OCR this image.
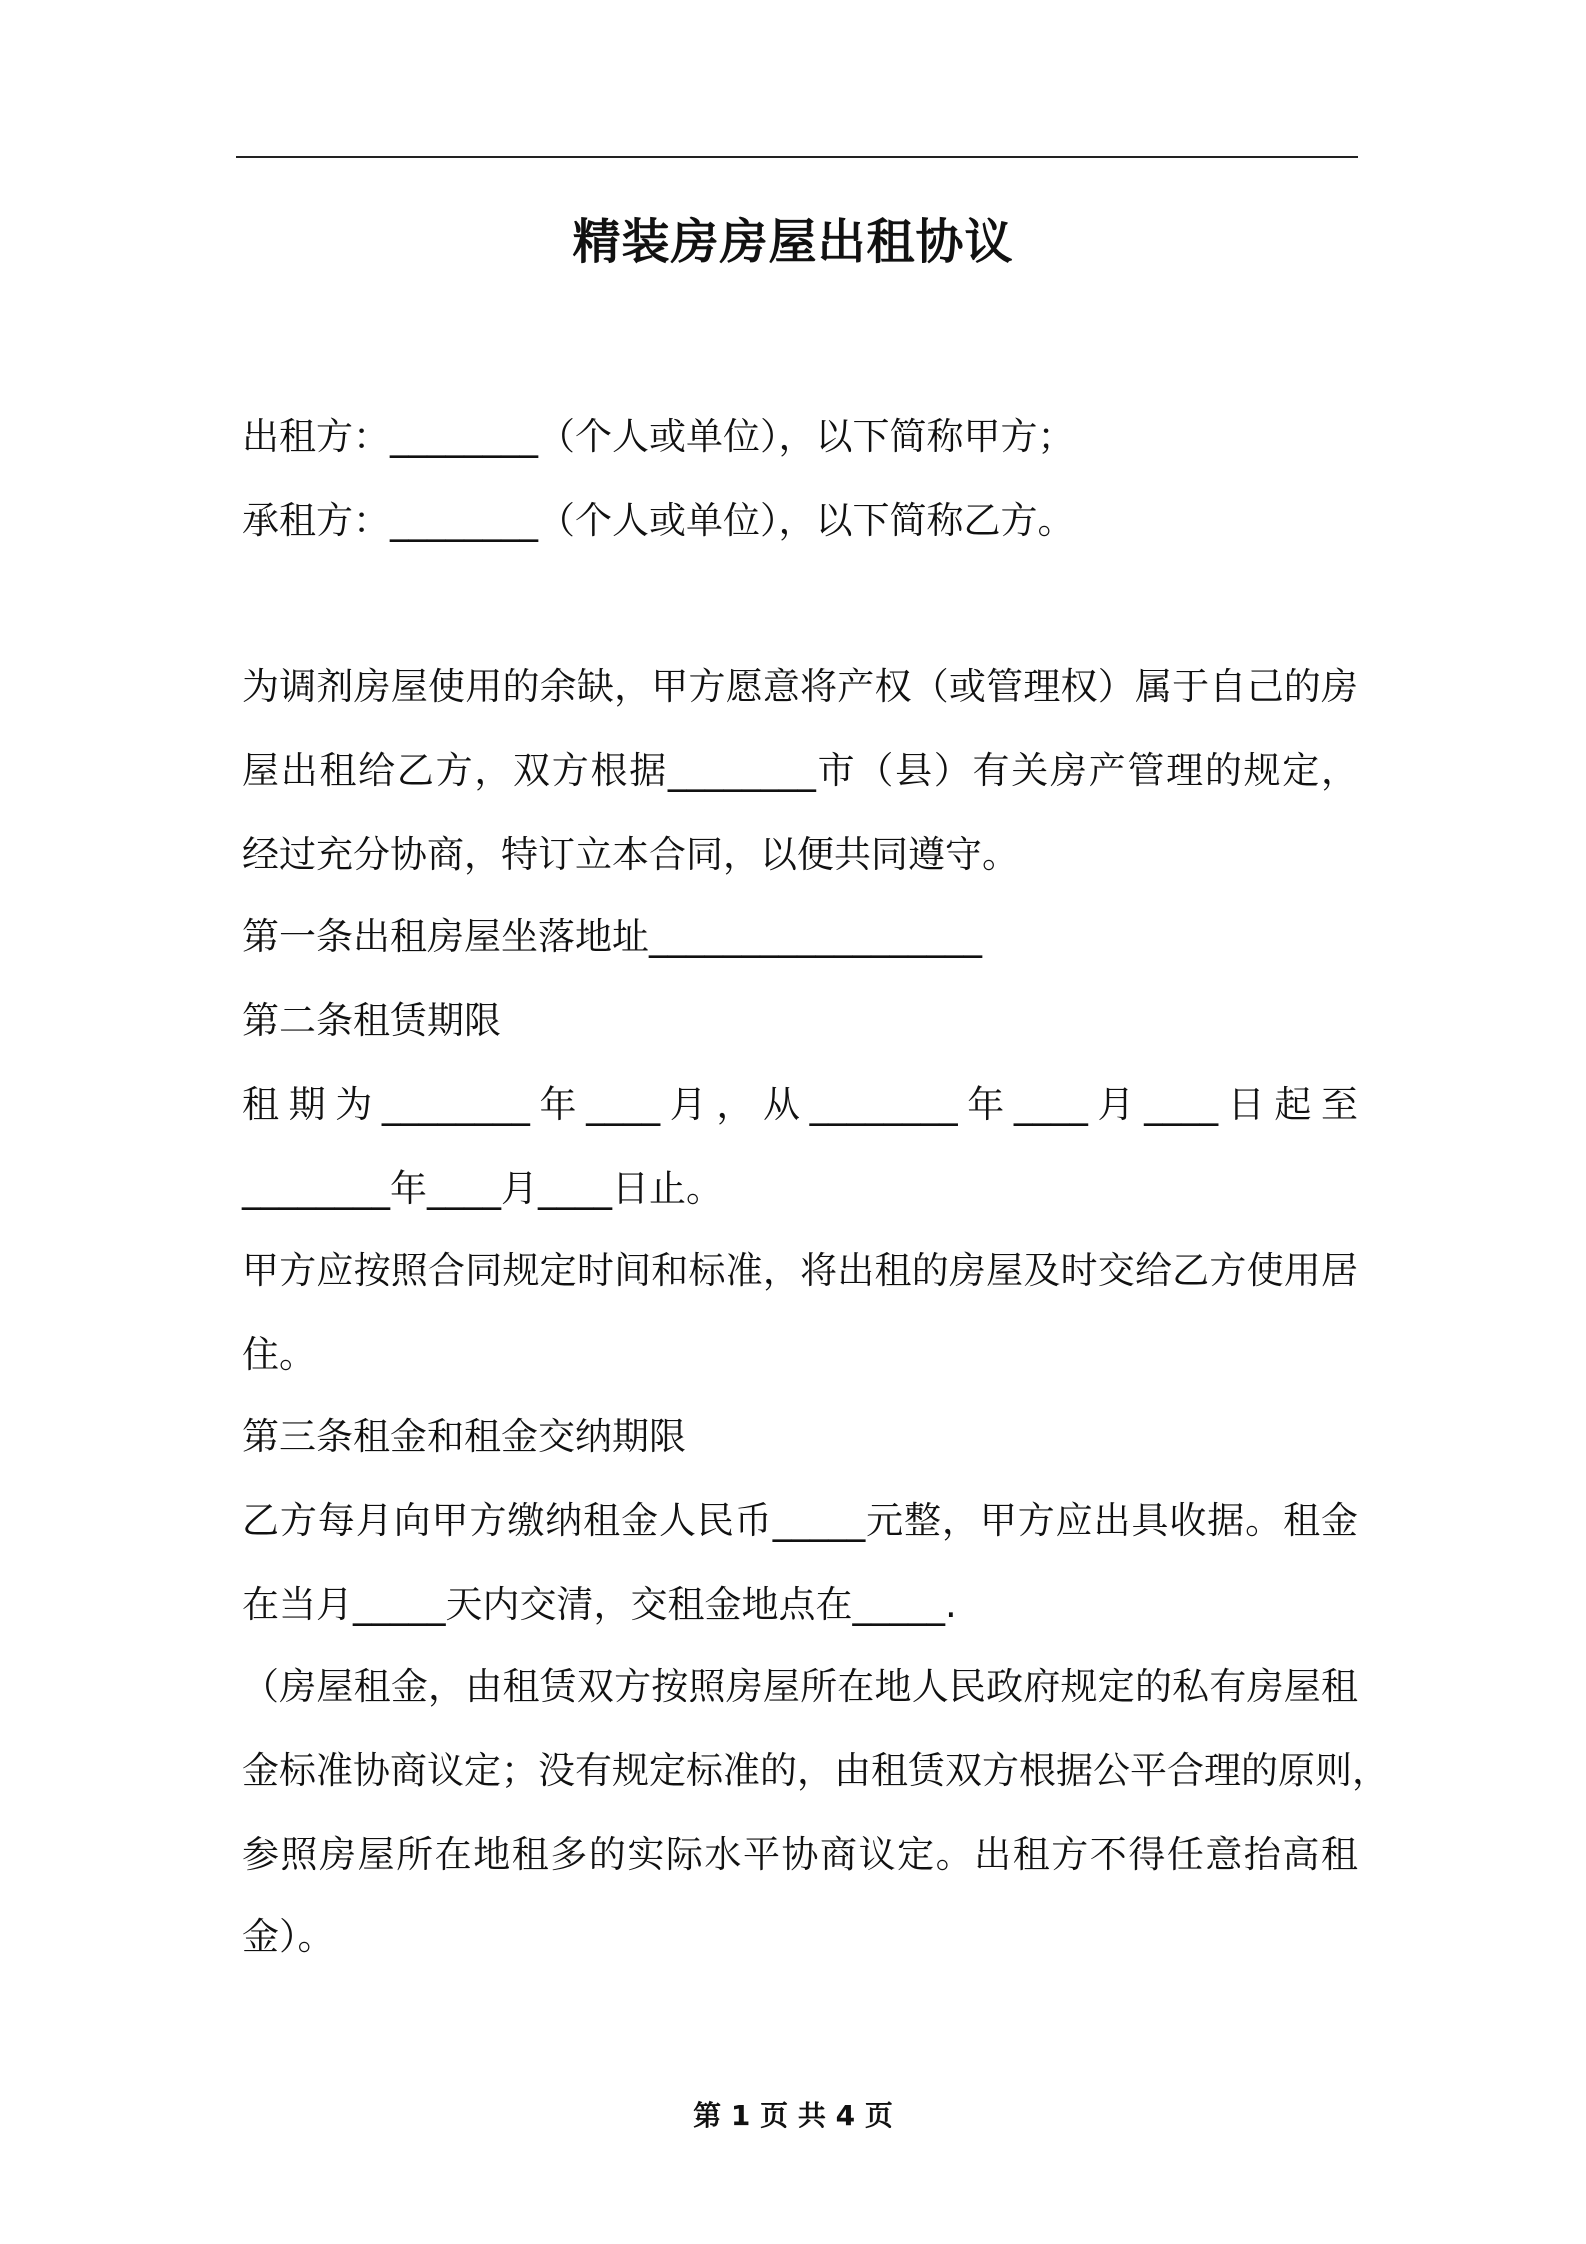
精装房房屋出租协议
出租方：________（个人或单位），以下简称甲方；
承租方：________（个人或单位），以下简称乙方。
为调剂房屋使用的余缺，甲方愿意将产权（或管理权）属于自己的房
屋出租给乙方，双方根据________市（县）有关房产管理的规定，
经过充分协商，特订立本合同，以便共同遵守。
第一条出租房屋坐落地址__________________
第二条租赁期限
租期为________年____月，从________年____月____日起至
________年____月____日止。
甲方应按照合同规定时间和标准，将出租的房屋及时交给乙方使用居
住。
第三条租金和租金交纳期限
乙方每月向甲方缴纳租金人民币_____元整，甲方应出具收据。租金
在当月_____天内交清，交租金地点在_____.
（房屋租金，由租赁双方按照房屋所在地人民政府规定的私有房屋租
金标准协商议定；没有规定标准的，由租赁双方根据公平合理的原则，
参照房屋所在地租多的实际水平协商议定。出租方不得任意抬高租
金）。
第 1 页 共 4 页
